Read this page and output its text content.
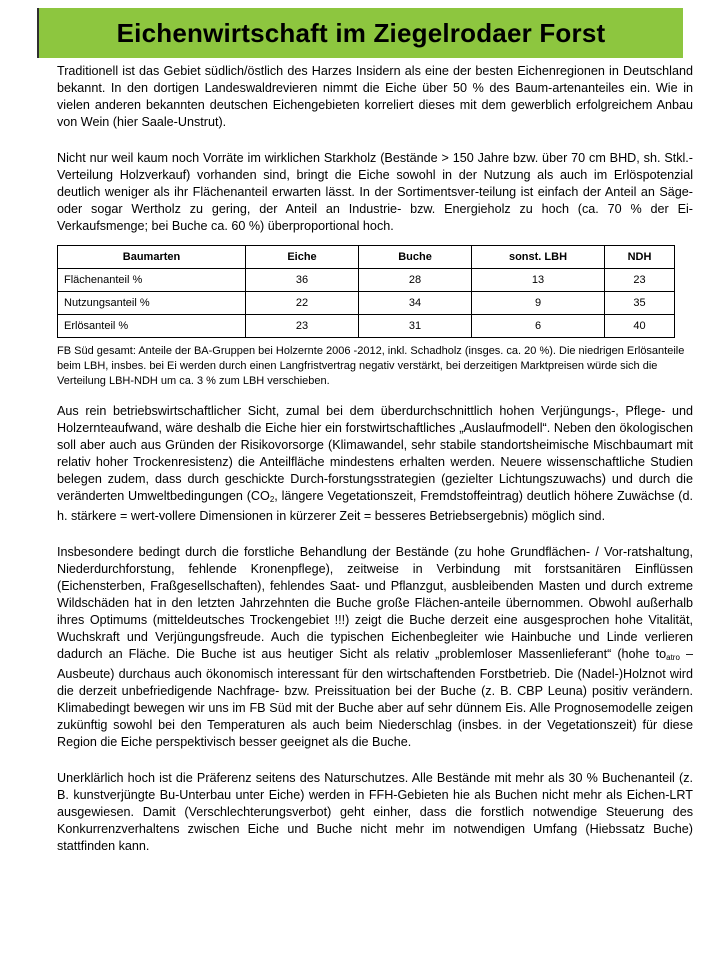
Eichenwirtschaft im Ziegelrodaer Forst

Traditionell ist das Gebiet südlich/östlich des Harzes Insidern als eine der besten Eichenregionen in Deutschland bekannt. In den dortigen Landeswaldrevieren nimmt die Eiche über 50 % des Baum-artenanteiles ein. Wie in vielen anderen bekannten deutschen Eichengebieten korreliert dieses mit dem gewerblich erfolgreichem Anbau von Wein (hier Saale-Unstrut).

Nicht nur weil kaum noch Vorräte im wirklichen Starkholz (Bestände > 150 Jahre bzw. über 70 cm BHD, sh. Stkl.-Verteilung Holzverkauf) vorhanden sind, bringt die Eiche sowohl in der Nutzung als auch im Erlöspotenzial deutlich weniger als ihr Flächenanteil erwarten lässt. In der Sortimentsver-teilung ist einfach der Anteil an Säge- oder sogar Wertholz zu gering, der Anteil an Industrie- bzw. Energieholz zu hoch (ca. 70 % der Ei-Verkaufsmenge; bei Buche ca. 60 %) überproportional hoch.

Baumarten	Eiche	Buche	sonst. LBH	NDH
Flächenanteil %	36	28	13	23
Nutzungsanteil %	22	34	9	35
Erlösanteil %	23	31	6	40

FB Süd gesamt: Anteile der BA-Gruppen bei Holzernte 2006 -2012, inkl. Schadholz (insges. ca. 20 %). Die niedrigen Erlösanteile beim LBH, insbes. bei Ei werden durch einen Langfristvertrag negativ verstärkt, bei derzeitigen Marktpreisen würde sich die Verteilung LBH-NDH um ca. 3 % zum LBH verschieben.

Aus rein betriebswirtschaftlicher Sicht, zumal bei dem überdurchschnittlich hohen Verjüngungs-, Pflege- und Holzernteaufwand, wäre deshalb die Eiche hier ein forstwirtschaftliches „Auslaufmodell“. Neben den ökologischen soll aber auch aus Gründen der Risikovorsorge (Klimawandel, sehr stabile standortsheimische Mischbaumart mit relativ hoher Trockenresistenz) die Anteilfläche mindestens erhalten werden. Neuere wissenschaftliche Studien belegen zudem, dass durch geschickte Durch-forstungsstrategien (gezielter Lichtungszuwachs) und durch die veränderten Umweltbedingungen ($CO_2$, längere Vegetationszeit, Fremdstoffeintrag) deutlich höhere Zuwächse (d. h. stärkere = wert-vollere Dimensionen in kürzerer Zeit = besseres Betriebsergebnis) möglich sind.

Insbesondere bedingt durch die forstliche Behandlung der Bestände (zu hohe Grundflächen- / Vor-ratshaltung, Niederdurchforstung, fehlende Kronenpflege), zeitweise in Verbindung mit forstsanitären Einflüssen (Eichensterben, Fraßgesellschaften), fehlendes Saat- und Pflanzgut, ausbleibenden Masten und durch extreme Wildschäden hat in den letzten Jahrzehnten die Buche große Flächen-anteile übernommen. Obwohl außerhalb ihres Optimums (mitteldeutsches Trockengebiet !!!) zeigt die Buche derzeit eine ausgesprochen hohe Vitalität, Wuchskraft und Verjüngungsfreude. Auch die typischen Eichenbegleiter wie Hainbuche und Linde verlieren dadurch an Fläche. Die Buche ist aus heutiger Sicht als relativ „problemloser Massenlieferant“ (hohe $to_{atro}$ – Ausbeute) durchaus auch ökonomisch interessant für den wirtschaftenden Forstbetrieb. Die (Nadel-)Holznot wird die derzeit unbefriedigende Nachfrage- bzw. Preissituation bei der Buche (z. B. CBP Leuna) positiv verändern. Klimabedingt bewegen wir uns im FB Süd mit der Buche aber auf sehr dünnem Eis. Alle Prognosemodelle zeigen zukünftig sowohl bei den Temperaturen als auch beim Niederschlag (insbes. in der Vegetationszeit) für diese Region die Eiche perspektivisch besser geeignet als die Buche.

Unerklärlich hoch ist die Präferenz seitens des Naturschutzes. Alle Bestände mit mehr als 30 % Buchenanteil (z. B. kunstverjüngte Bu-Unterbau unter Eiche) werden in FFH-Gebieten hie als Buchen nicht mehr als Eichen-LRT ausgewiesen. Damit (Verschlechterungsverbot) geht einher, dass die forstlich notwendige Steuerung des Konkurrenzverhaltens zwischen Eiche und Buche nicht mehr im notwendigen Umfang (Hiebssatz Buche) stattfinden kann.
